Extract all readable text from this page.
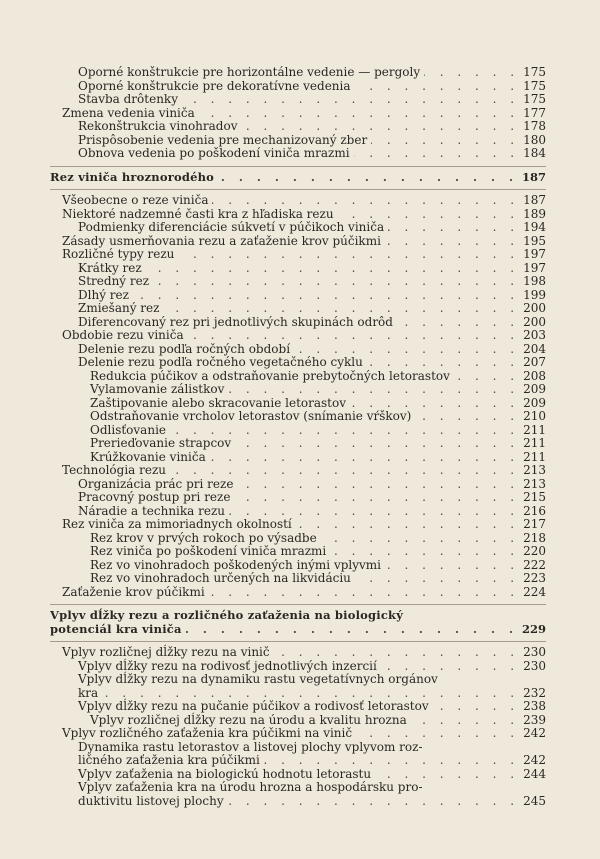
Oporné konštrukcie pre horizontálne vedenie — pergoly . . .	175
Oporné konštrukcie pre dekoratívne vedenia . . .	175
Stavba drôtenky . . .	175
Zmena vedenia viniča . . .	177
Rekonštrukcia vinohradov . . .	178
Prispôsobenie vedenia pre mechanizovaný zber . . .	180
Obnova vedenia po poškodení viniča mrazmi . . .	184
Rez viniča hroznorodého . . .	187
Všeobecne o reze viniča . . .	187
Niektoré nadzemné časti kra z hľadiska rezu . . .	189
Podmienky diferenciácie súkvetí v púčikoch viniča . . .	194
Zásady usmerňovania rezu a zaťaženie krov púčikmi . . .	195
Rozličné typy rezu . . .	197
Krátky rez . . .	197
Stredný rez . . .	198
Dlhý rez . . .	199
Zmiešaný rez . . .	200
Diferencovaný rez pri jednotlivých skupinách odrôd . . .	200
Obdobie rezu viniča . . .	203
Delenie rezu podľa ročných období . . .	204
Delenie rezu podľa ročného vegetačného cyklu . . .	207
Redukcia púčikov a odstraňovanie prebytočných letorastov . . .	208
Vylamovanie zálistkov . . .	209
Zaštipovanie alebo skracovanie letorastov . . .	209
Odstraňovanie vrcholov letorastov (snímanie vŕškov) . . .	210
Odlisťovanie . . .	211
Prerieďovanie strapcov . . .	211
Krúžkovanie viniča . . .	211
Technológia rezu . . .	213
Organizácia prác pri reze . . .	213
Pracovný postup pri reze . . .	215
Náradie a technika rezu . . .	216
Rez viniča za mimoriadnych okolností . . .	217
Rez krov v prvých rokoch po výsadbe . . .	218
Rez viniča po poškodení viniča mrazmi . . .	220
Rez vo vinohradoch poškodených inými vplyvmi . . .	222
Rez vo vinohradoch určených na likvidáciu . . .	223
Zaťaženie krov púčikmi . . .	224
Vplyv dĺžky rezu a rozličného zaťaženia na biologický
potenciál kra viniča . . .	229
Vplyv rozličnej dĺžky rezu na vinič . . .	230
Vplyv dĺžky rezu na rodivosť jednotlivých inzercií . . .	230
Vplyv dĺžky rezu na dynamiku rastu vegetatívnych orgánov
kra . . .	232
Vplyv dĺžky rezu na pučanie púčikov a rodivosť letorastov . . .	238
Vplyv rozličnej dĺžky rezu na úrodu a kvalitu hrozna . . .	239
Vplyv rozličného zaťaženia kra púčikmi na vinič . . .	242
Dynamika rastu letorastov a listovej plochy vplyvom roz-
ličného zaťaženia kra púčikmi . . .	242
Vplyv zaťaženia na biologickú hodnotu letorastu . . .	244
Vplyv zaťaženia kra na úrodu hrozna a hospodársku pro-
duktivitu listovej plochy . . .	245
